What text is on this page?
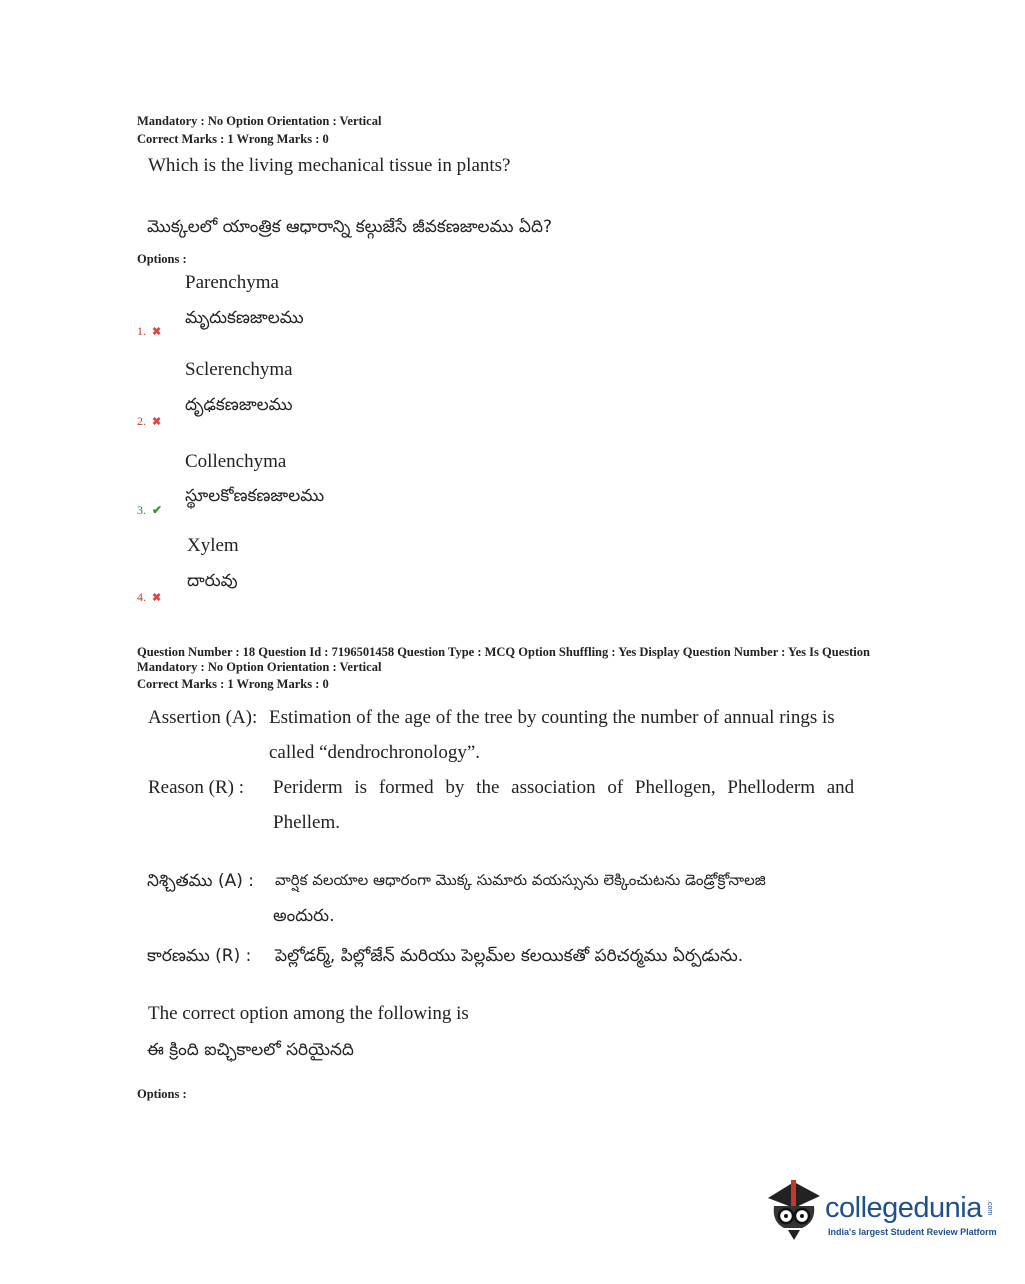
Mandatory : No Option Orientation : Vertical
Correct Marks : 1 Wrong Marks : 0
Which is the living mechanical tissue in plants?
మొక్కలలో యాంత్రిక ఆధారాన్ని కల్గుజేసే జీవకణజాలము ఏది?
Options :
Parenchyma
మృదుకణజాలము
1. ✖
Sclerenchyma
దృఢకణజాలము
2. ✖
Collenchyma
స్థూలకోణకణజాలము
3. ✔
Xylem
దారువు
4. ✖
Question Number : 18 Question Id : 7196501458 Question Type : MCQ Option Shuffling : Yes Display Question Number : Yes Is Question
Mandatory : No Option Orientation : Vertical
Correct Marks : 1 Wrong Marks : 0
Assertion (A): Estimation of the age of the tree by counting the number of annual rings is
called “dendrochronology”.
Reason (R) : Periderm is formed by the association of Phellogen, Phelloderm and
Phellem.
నిశ్చితము (A) : వార్షిక వలయాల ఆధారంగా మొక్క సుమారు వయస్సును లెక్కించుటను డెండ్రోక్రోనాలజి
అందురు.
కారణము (R) : పెల్లోడర్మ్, పిల్లోజేన్ మరియు పెల్లమ్‌ల కలయికతో పరిచర్మము ఏర్పడును.
The correct option among the following is
ఈ క్రింది ఐచ్ఛికాలలో సరియైనది
Options :
collegedunia .com
India's largest Student Review Platform
